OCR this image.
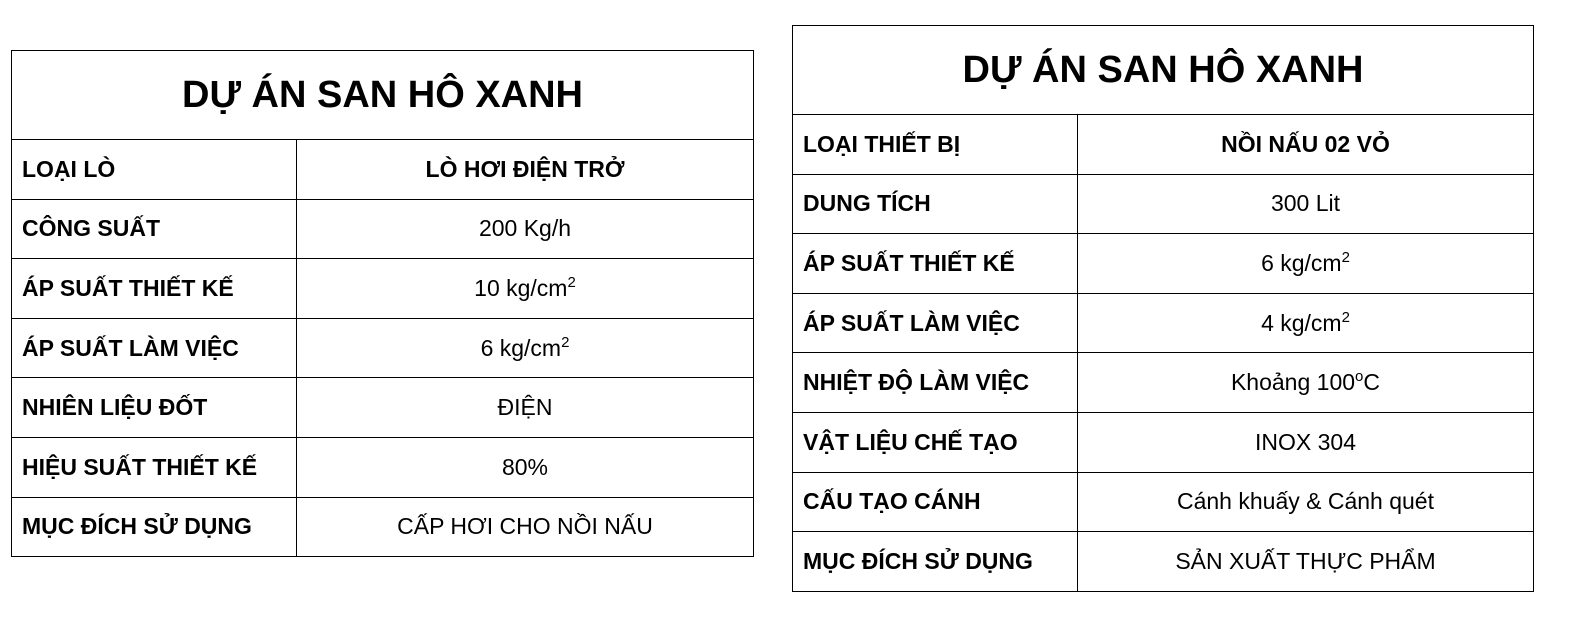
DỰ ÁN SAN HÔ XANH	
LOẠI LÒ	LÒ HƠI ĐIỆN TRỞ
CÔNG SUẤT	200 Kg/h
ÁP SUẤT THIẾT KẾ	10 $kg/cm^2$
ÁP SUẤT LÀM VIỆC	6 $kg/cm^2$
NHIÊN LIỆU ĐỐT	ĐIỆN
HIỆU SUẤT THIẾT KẾ	80%
MỤC ĐÍCH SỬ DỤNG	CẤP HƠI CHO NỒI NẤU
DỰ ÁN SAN HÔ XANH	
LOẠI THIẾT BỊ	NỒI NẤU 02 VỎ
DUNG TÍCH	300 Lit
ÁP SUẤT THIẾT KẾ	6 $kg/cm^2$
ÁP SUẤT LÀM VIỆC	4 $kg/cm^2$
NHIỆT ĐỘ LÀM VIỆC	Khoảng 100$^o$C
VẬT LIỆU CHẾ TẠO	INOX 304
CẤU TẠO CÁNH	Cánh khuấy & Cánh quét
MỤC ĐÍCH SỬ DỤNG	SẢN XUẤT THỰC PHẨM
